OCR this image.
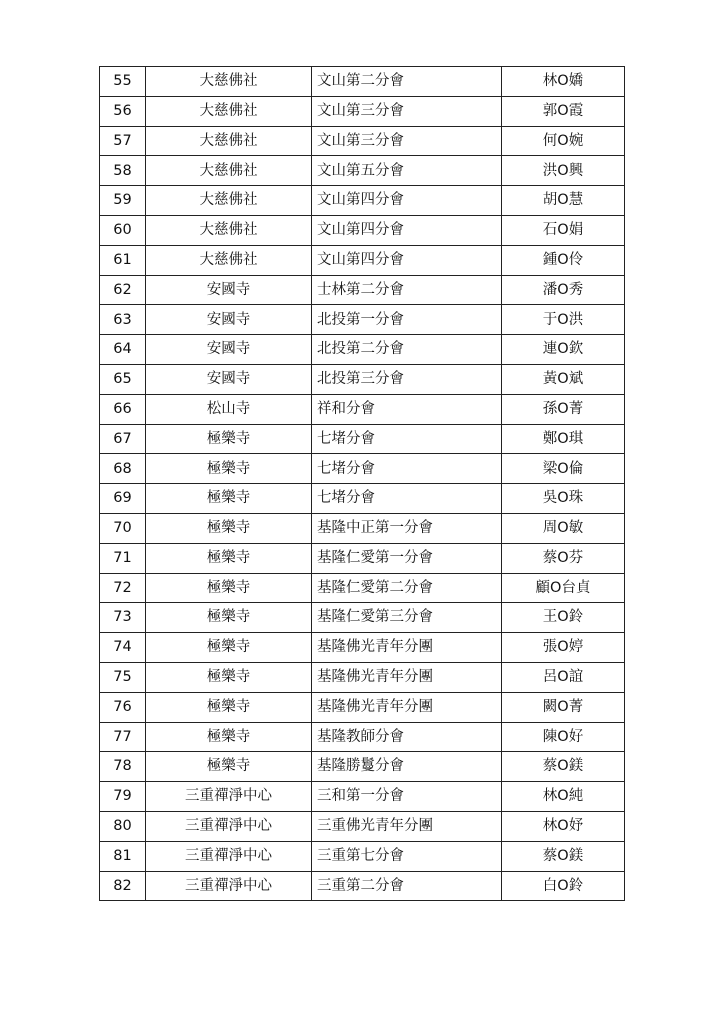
55	大慈佛社	文山第二分會	林O嬌
56	大慈佛社	文山第三分會	郭O霞
57	大慈佛社	文山第三分會	何O婉
58	大慈佛社	文山第五分會	洪O興
59	大慈佛社	文山第四分會	胡O慧
60	大慈佛社	文山第四分會	石O娟
61	大慈佛社	文山第四分會	鍾O伶
62	安國寺	士林第二分會	潘O秀
63	安國寺	北投第一分會	于O洪
64	安國寺	北投第二分會	連O欽
65	安國寺	北投第三分會	黃O斌
66	松山寺	祥和分會	孫O菁
67	極樂寺	七堵分會	鄭O琪
68	極樂寺	七堵分會	梁O倫
69	極樂寺	七堵分會	吳O珠
70	極樂寺	基隆中正第一分會	周O敏
71	極樂寺	基隆仁愛第一分會	蔡O芬
72	極樂寺	基隆仁愛第二分會	顧O台貞
73	極樂寺	基隆仁愛第三分會	王O鈴
74	極樂寺	基隆佛光青年分團	張O婷
75	極樂寺	基隆佛光青年分團	呂O誼
76	極樂寺	基隆佛光青年分團	闕O菁
77	極樂寺	基隆教師分會	陳O好
78	極樂寺	基隆勝鬘分會	蔡O鎂
79	三重禪淨中心	三和第一分會	林O純
80	三重禪淨中心	三重佛光青年分團	林O妤
81	三重禪淨中心	三重第七分會	蔡O鎂
82	三重禪淨中心	三重第二分會	白O鈴
